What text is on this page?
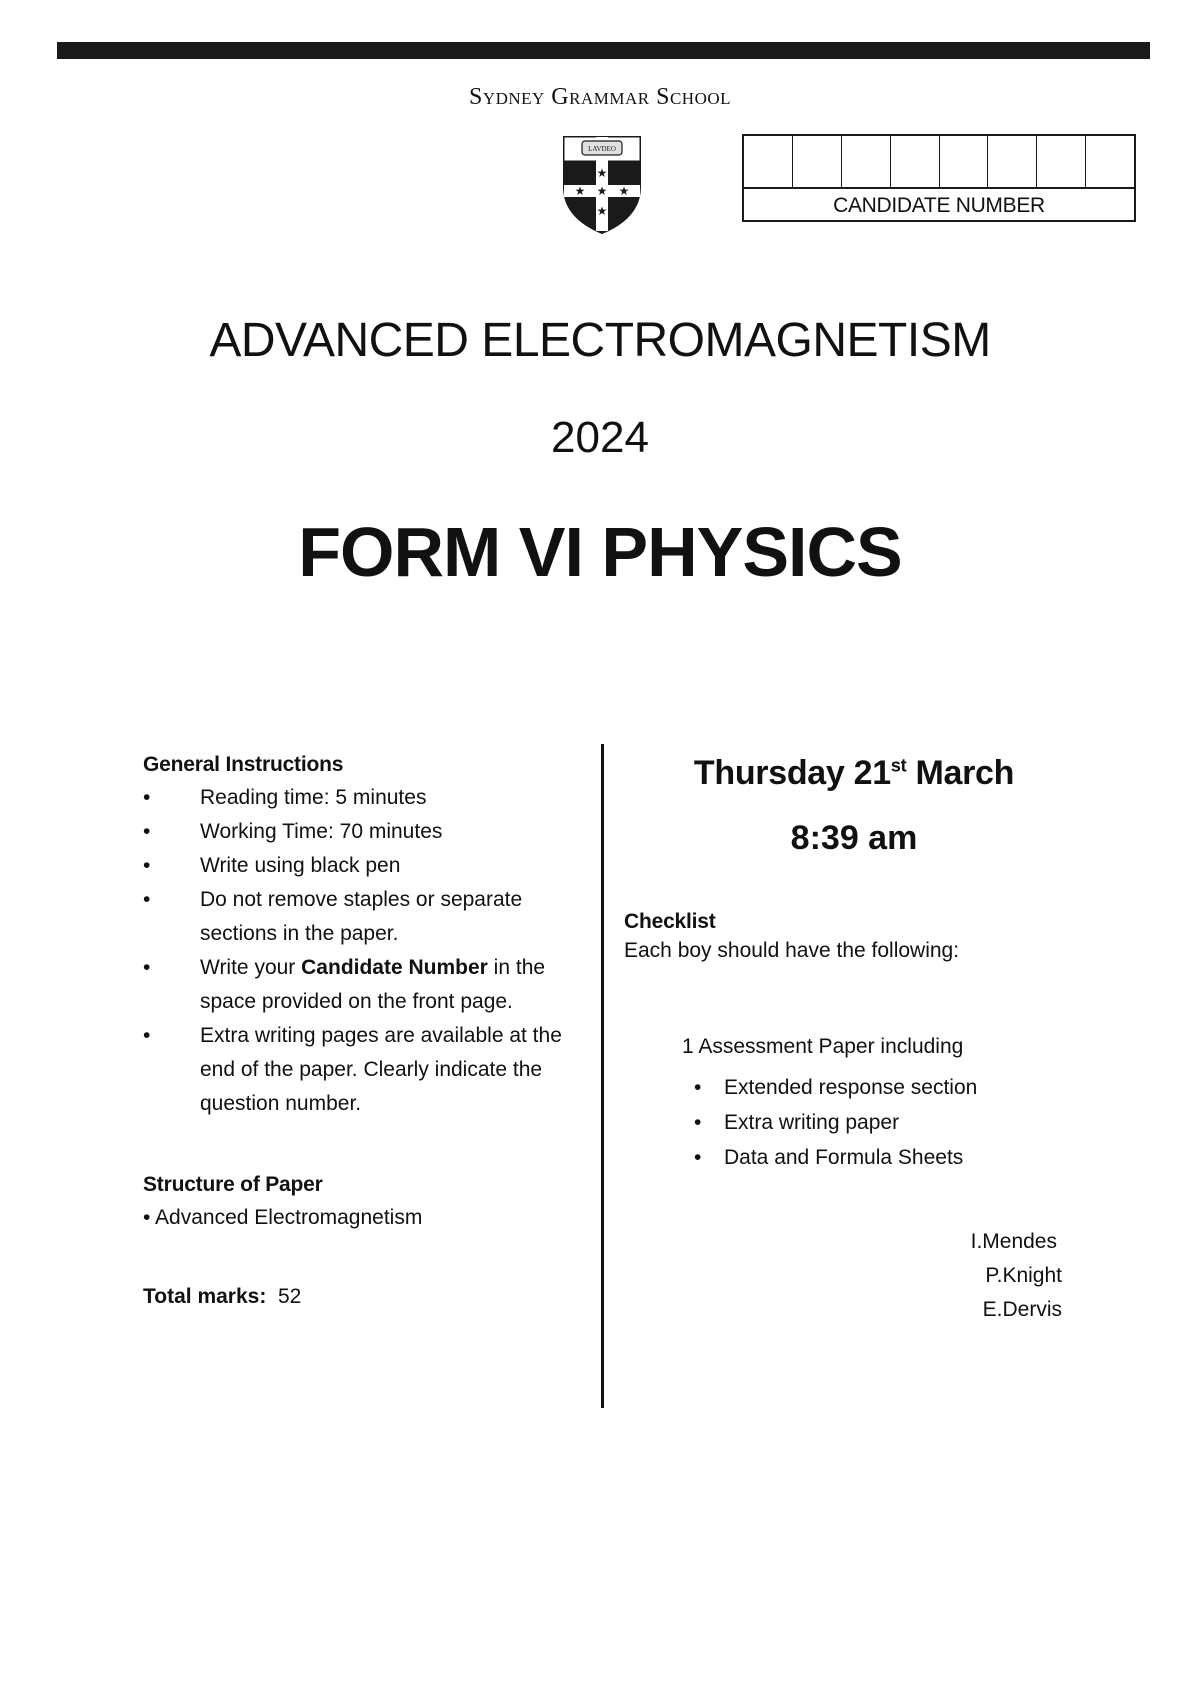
Sydney Grammar School
LAVDEO
★
★ ★ ★
★	CANDIDATE NUMBER
ADVANCED ELECTROMAGNETISM
2024
FORM VI PHYSICS
General Instructions
• Reading time: 5 minutes
• Working Time: 70 minutes
• Write using black pen
• Do not remove staples or separate sections in the paper.
• Write your Candidate Number in the space provided on the front page.
• Extra writing pages are available at the end of the paper. Clearly indicate the question number.
Structure of Paper
• Advanced Electromagnetism
Total marks: 52
Thursday 21st March
8:39 am
Checklist
Each boy should have the following:
1 Assessment Paper including
• Extended response section
• Extra writing paper
• Data and Formula Sheets
I.Mendes
P.Knight
E.Dervis
